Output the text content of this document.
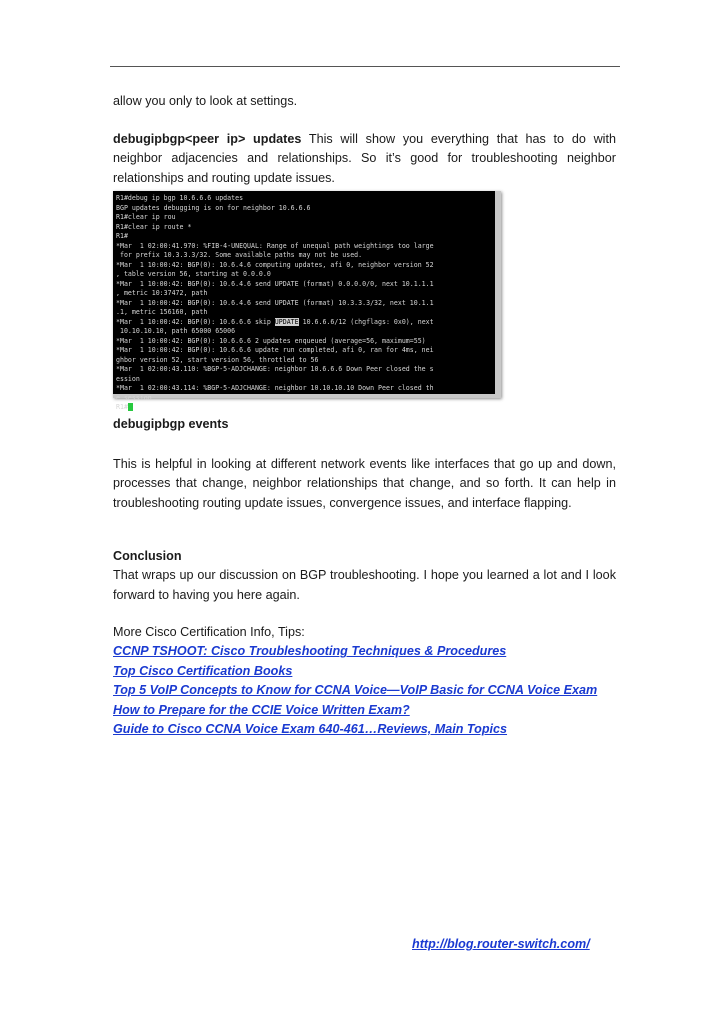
allow you only to look at settings.
debugipbgp<peer ip> updates This will show you everything that has to do with neighbor adjacencies and relationships. So it’s good for troubleshooting neighbor relationships and routing update issues.
R1#debug ip bgp 10.6.6.6 updates
BGP updates debugging is on for neighbor 10.6.6.6
R1#clear ip rou
R1#clear ip route *
R1#
*Mar  1 02:00:41.970: %FIB-4-UNEQUAL: Range of unequal path weightings too large
for prefix 10.3.3.3/32. Some available paths may not be used.
*Mar  1 10:00:42: BGP(0): 10.6.4.6 computing updates, afi 0, neighbor version 52
, table version 56, starting at 0.0.0.0
*Mar  1 10:00:42: BGP(0): 10.6.4.6 send UPDATE (format) 0.0.0.0/0, next 10.1.1.1
, metric 10:37472, path
*Mar  1 10:00:42: BGP(0): 10.6.4.6 send UPDATE (format) 10.3.3.3/32, next 10.1.1
.1, metric 156160, path
*Mar  1 10:00:42: BGP(0): 10.6.6.6 skip UPDATE 10.6.6.6/12 (chgflags: 0x0), next
10.10.10.10, path 65000 65006
*Mar  1 10:00:42: BGP(0): 10.6.6.6 2 updates enqueued (average=56, maximum=55)
*Mar  1 10:00:42: BGP(0): 10.6.6.6 update run completed, afi 0, ran for 4ms, nei
ghbor version 52, start version 56, throttled to 56
*Mar  1 02:00:43.110: %BGP-5-ADJCHANGE: neighbor 10.6.6.6 Down Peer closed the s
ession
*Mar  1 02:00:43.114: %BGP-5-ADJCHANGE: neighbor 10.10.10.10 Down Peer closed th
e session
R1#
debugipbgp events
This is helpful in looking at different network events like interfaces that go up and down, processes that change, neighbor relationships that change, and so forth. It can help in troubleshooting routing update issues, convergence issues, and interface flapping.
Conclusion
That wraps up our discussion on BGP troubleshooting. I hope you learned a lot and I look forward to having you here again.
More Cisco Certification Info, Tips:
CCNP TSHOOT: Cisco Troubleshooting Techniques & Procedures
Top Cisco Certification Books
Top 5 VoIP Concepts to Know for CCNA Voice—VoIP Basic for CCNA Voice Exam
How to Prepare for the CCIE Voice Written Exam?
Guide to Cisco CCNA Voice Exam 640-461…Reviews, Main Topics
http://blog.router-switch.com/
